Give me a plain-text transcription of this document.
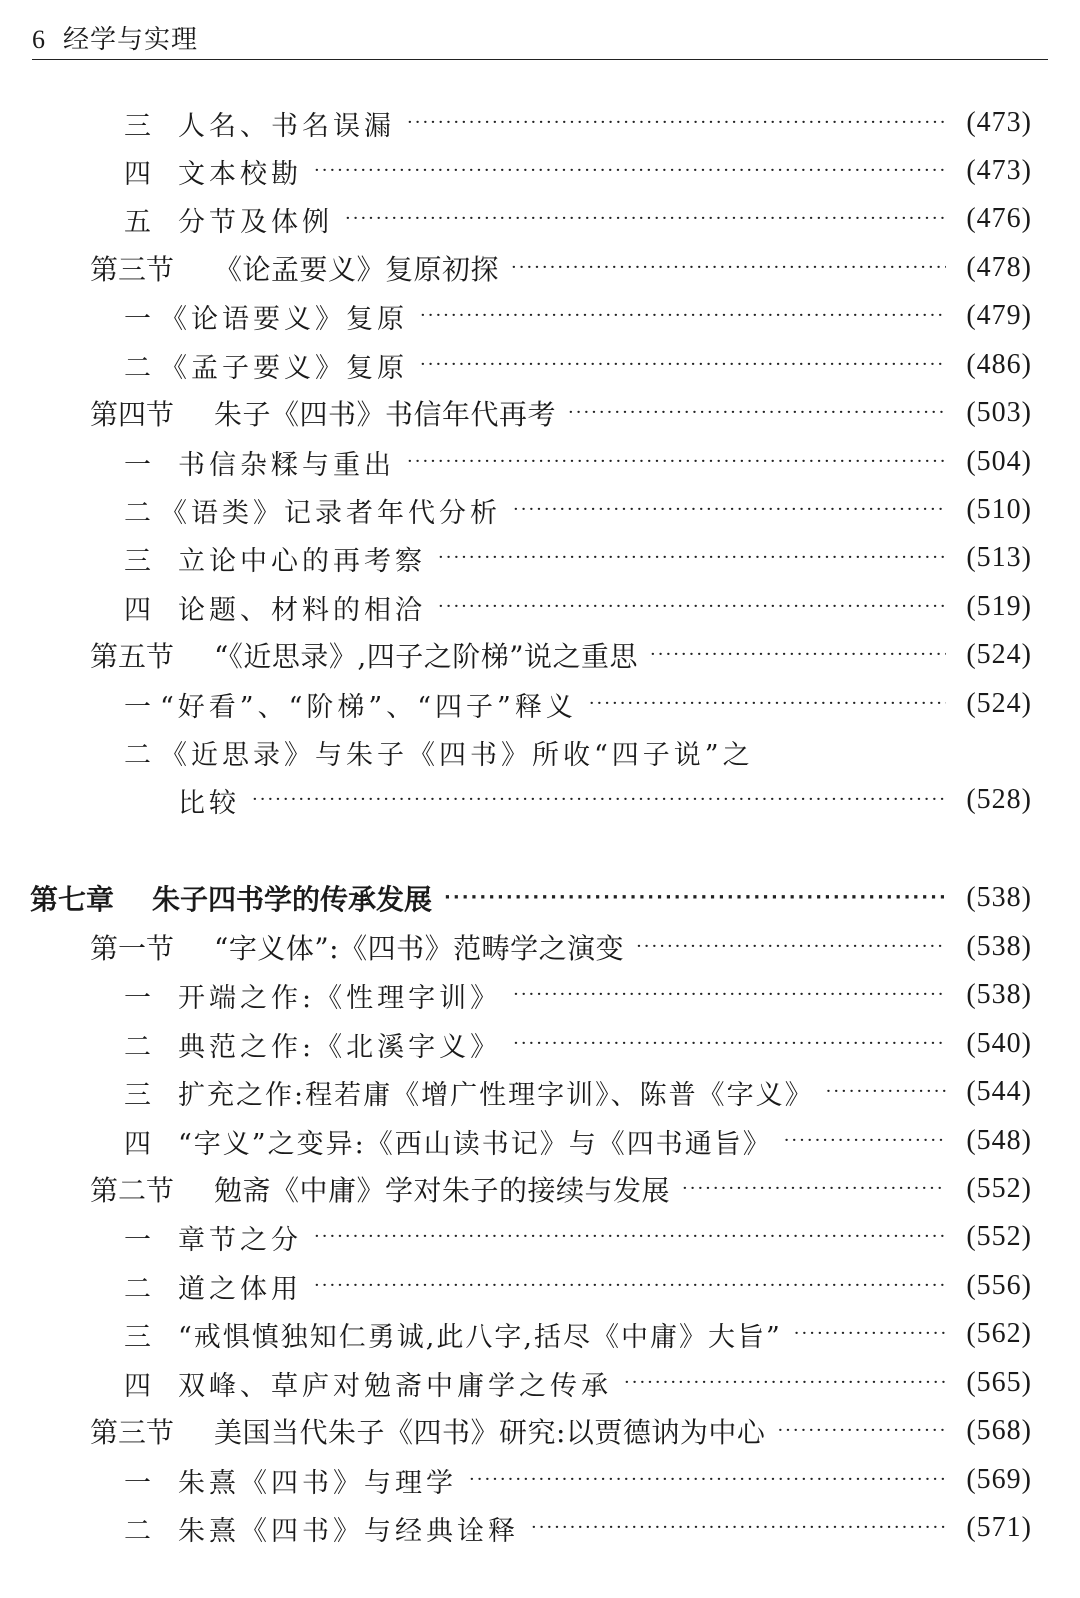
6 经学与实理
三	人名、书名误漏 ·····	(473)
四	文本校勘 ·····	(473)
五	分节及体例 ·····	(476)
第三节	《论孟要义》复原初探 ·····	(478)
一 《论语要义》复原 ·····	(479)
二 《孟子要义》复原 ·····	(486)
第四节	朱子《四书》书信年代再考 ·····	(503)
一	书信杂糅与重出 ·····	(504)
二 《语类》记录者年代分析 ·····	(510)
三	立论中心的再考察 ·····	(513)
四	论题、材料的相洽 ·····	(519)
第五节	“《近思录》,四子之阶梯”说之重思 ·····	(524)
一 “好看”、“阶梯”、“四子”释义 ·····	(524)
二 《近思录》与朱子《四书》所收“四子说”之
比较 ·····	(528)
第七章	朱子四书学的传承发展 ·····	(538)
第一节	“字义体”:《四书》范畴学之演变 ·····	(538)
一	开端之作:《性理字训》 ·····	(538)
二	典范之作:《北溪字义》 ·····	(540)
三	扩充之作:程若庸《增广性理字训》、陈普《字义》 ·····	(544)
四	“字义”之变异:《西山读书记》与《四书通旨》 ·····	(548)
第二节	勉斋《中庸》学对朱子的接续与发展 ·····	(552)
一	章节之分 ·····	(552)
二	道之体用 ·····	(556)
三	“戒惧慎独知仁勇诚,此八字,括尽《中庸》大旨” ·····	(562)
四	双峰、草庐对勉斋中庸学之传承 ·····	(565)
第三节	美国当代朱子《四书》研究:以贾德讷为中心 ·····	(568)
一	朱熹《四书》与理学 ·····	(569)
二	朱熹《四书》与经典诠释 ·····	(571)
